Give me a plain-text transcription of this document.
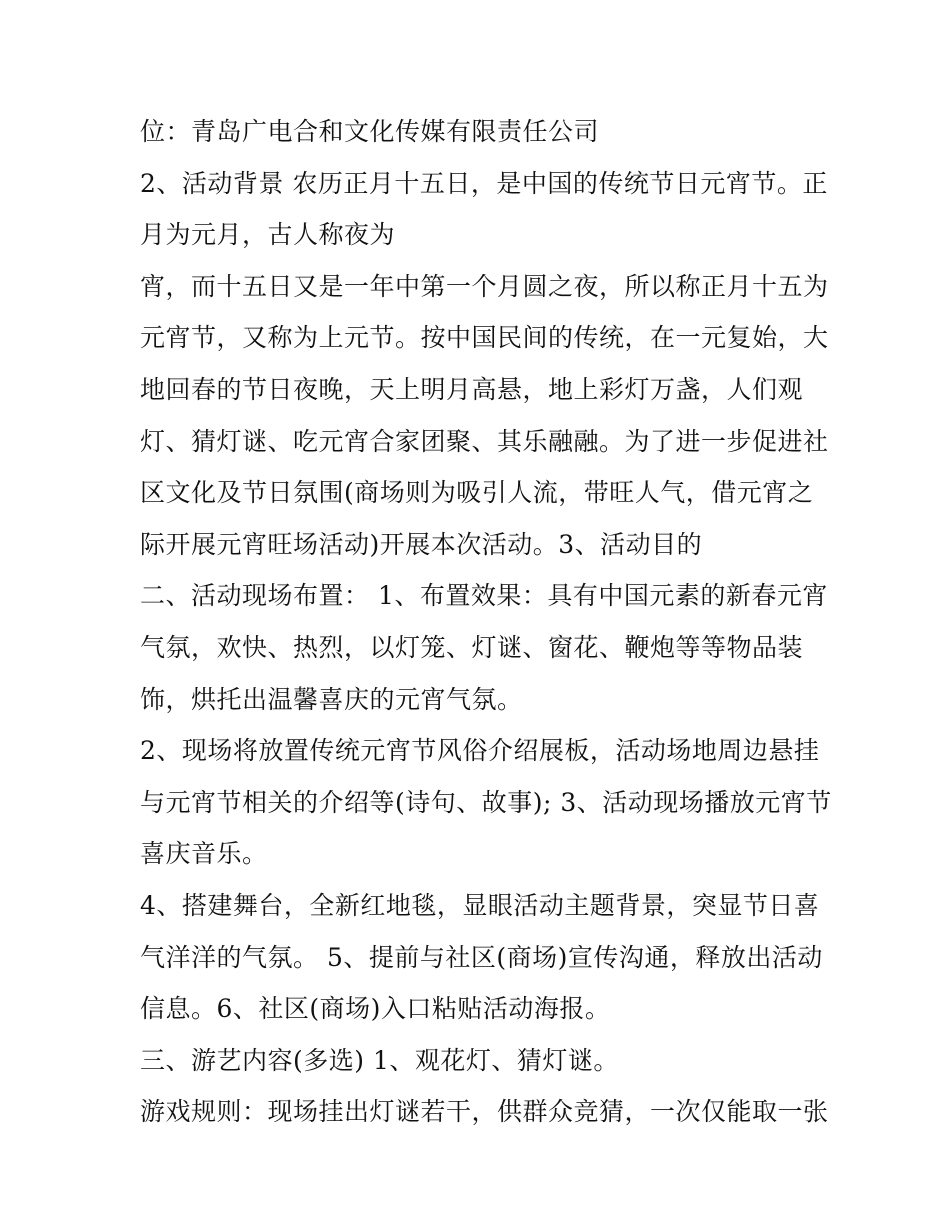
位：青岛广电合和文化传媒有限责任公司
2、活动背景 农历正月十五日，是中国的传统节日元宵节。正
月为元月，古人称夜为
宵，而十五日又是一年中第一个月圆之夜，所以称正月十五为
元宵节，又称为上元节。按中国民间的传统，在一元复始，大
地回春的节日夜晚，天上明月高悬，地上彩灯万盏，人们观
灯、猜灯谜、吃元宵合家团聚、其乐融融。为了进一步促进社
区文化及节日氛围(商场则为吸引人流，带旺人气，借元宵之
际开展元宵旺场活动)开展本次活动。3、活动目的
二、活动现场布置： 1、布置效果：具有中国元素的新春元宵
气氛，欢快、热烈，以灯笼、灯谜、窗花、鞭炮等等物品装
饰，烘托出温馨喜庆的元宵气氛。
2、现场将放置传统元宵节风俗介绍展板，活动场地周边悬挂
与元宵节相关的介绍等(诗句、故事); 3、活动现场播放元宵节
喜庆音乐。
4、搭建舞台，全新红地毯，显眼活动主题背景，突显节日喜
气洋洋的气氛。 5、提前与社区(商场)宣传沟通，释放出活动
信息。6、社区(商场)入口粘贴活动海报。
三、游艺内容(多选) 1、观花灯、猜灯谜。
游戏规则：现场挂出灯谜若干，供群众竞猜，一次仅能取一张
